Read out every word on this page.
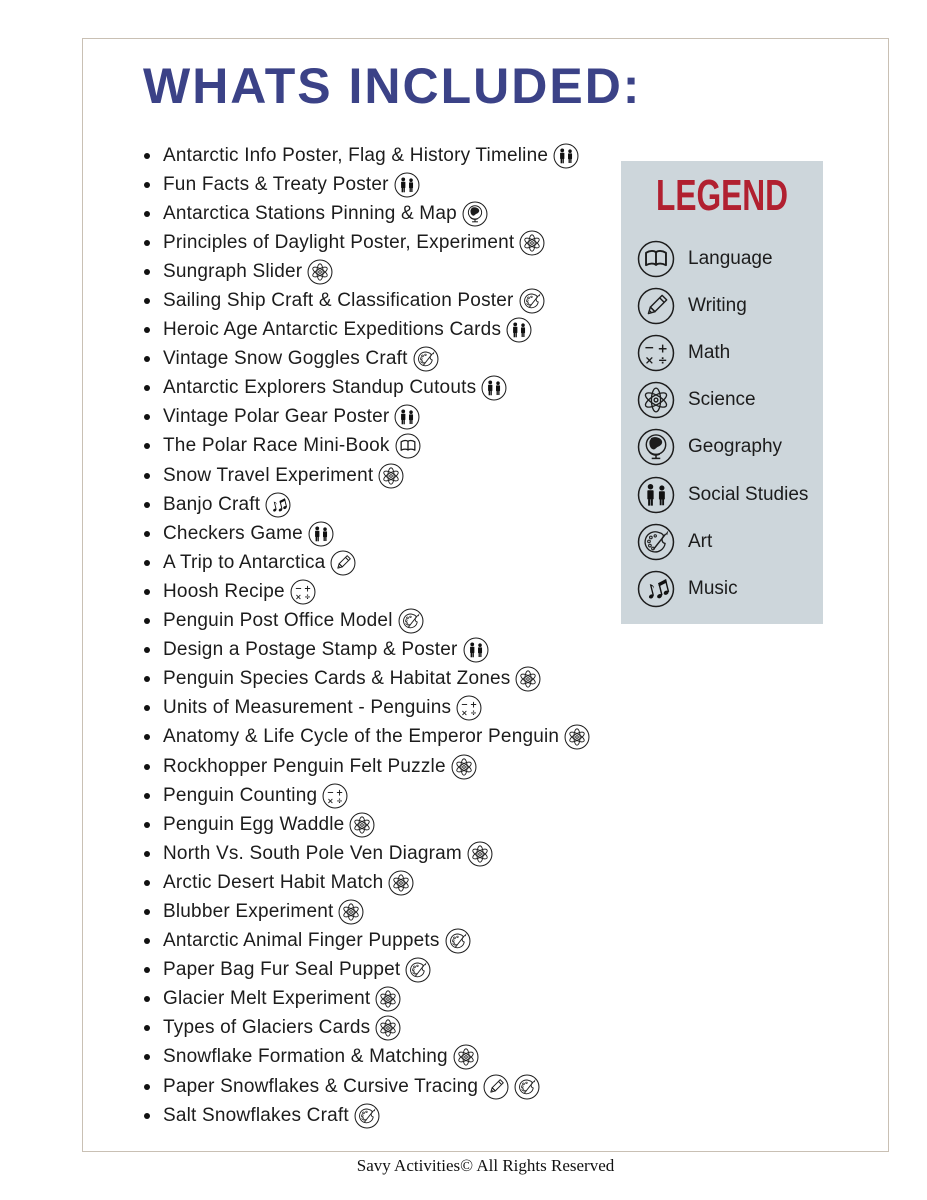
WHATS INCLUDED:
Antarctic Info Poster, Flag & History Timeline
Fun Facts & Treaty Poster
Antarctica Stations Pinning & Map
Principles of Daylight Poster, Experiment
Sungraph Slider
Sailing Ship Craft & Classification Poster
Heroic Age Antarctic Expeditions Cards
Vintage Snow Goggles Craft
Antarctic Explorers Standup Cutouts
Vintage Polar Gear Poster
The Polar Race Mini-Book
Snow Travel Experiment
Banjo Craft
Checkers Game
A Trip to Antarctica
Hoosh Recipe
Penguin Post Office Model
Design a Postage Stamp & Poster
Penguin Species Cards & Habitat Zones
Units of Measurement - Penguins
Anatomy & Life Cycle of the Emperor Penguin
Rockhopper Penguin Felt Puzzle
Penguin Counting
Penguin Egg Waddle
North Vs. South Pole Ven Diagram
Arctic Desert Habit Match
Blubber Experiment
Antarctic Animal Finger Puppets
Paper Bag Fur Seal Puppet
Glacier Melt Experiment
Types of Glaciers Cards
Snowflake Formation & Matching
Paper Snowflakes & Cursive Tracing
Salt Snowflakes Craft
LEGEND
Language
Writing
Math
Science
Geography
Social Studies
Art
Music
Savy Activities© All Rights Reserved
